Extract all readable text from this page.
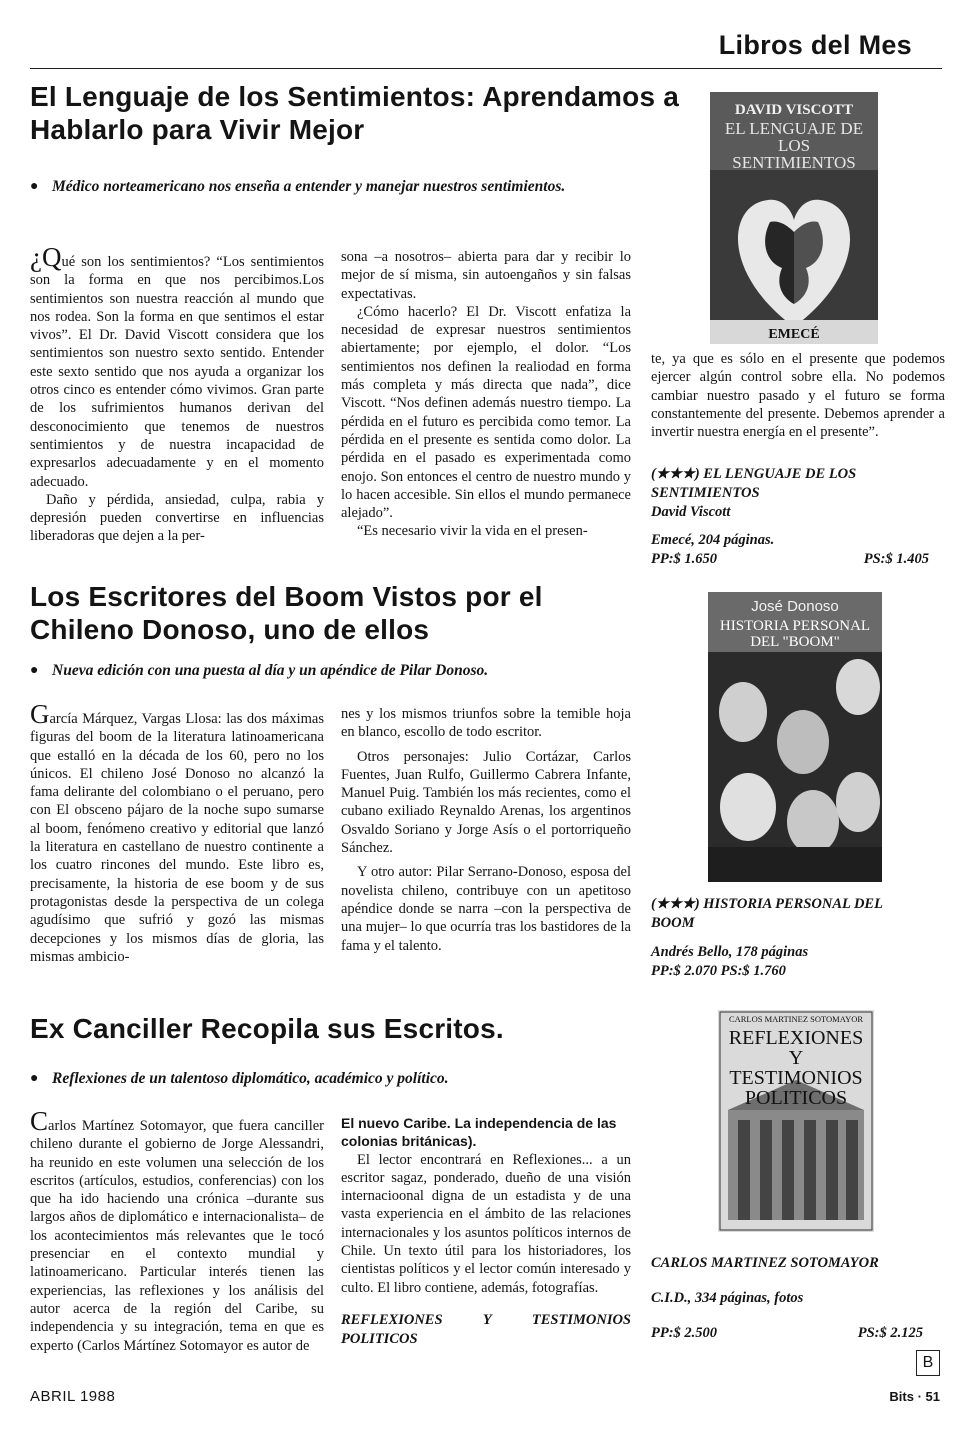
Libros del Mes
El Lenguaje de los Sentimientos: Aprendamos a Hablarlo para Vivir Mejor
● Médico norteamericano nos enseña a entender y manejar nuestros sentimientos.

¿Qué son los sentimientos? “Los sentimientos son la forma en que nos percibimos.Los sentimientos son nuestra reacción al mundo que nos rodea. Son la forma en que sentimos el estar vivos”. El Dr. David Viscott considera que los sentimientos son nuestro sexto sentido. Entender este sexto sentido que nos ayuda a organizar los otros cinco es entender cómo vivimos. Gran parte de los sufrimientos humanos derivan del desconocimiento que tenemos de nuestros sentimientos y de nuestra incapacidad de expresarlos adecuadamente y en el momento adecuado.

Daño y pérdida, ansiedad, culpa, rabia y depresión pueden convertirse en influencias liberadoras que dejen a la per-

sona –a nosotros– abierta para dar y recibir lo mejor de sí misma, sin autoengaños y sin falsas expectativas.

¿Cómo hacerlo? El Dr. Viscott enfatiza la necesidad de expresar nuestros sentimientos abiertamente; por ejemplo, el dolor. “Los sentimientos nos definen la realiodad en forma más completa y más directa que nada”, dice Viscott. “Nos definen además nuestro tiempo. La pérdida en el futuro es percibida como temor. La pérdida en el presente es sentida como dolor. La pérdida en el pasado es experimentada como enojo. Son entonces el centro de nuestro mundo y lo hacen accesible. Sin ellos el mundo permanece alejado”.

“Es necesario vivir la vida en el presen-

DAVID VISCOTT
EMECÉ
EL LENGUAJE DE LOS SENTIMIENTOS

te, ya que es sólo en el presente que podemos ejercer algún control sobre ella. No podemos cambiar nuestro pasado y el futuro se forma constantemente del presente. Debemos aprender a invertir nuestra energía en el presente”.

(★★★) EL LENGUAJE DE LOS SENTIMIENTOS

David Viscott

Emecé, 204 páginas.

PP:$ 1.650	PS:$ 1.405
Los Escritores del Boom Vistos por el Chileno Donoso, uno de ellos
● Nueva edición con una puesta al día y un apéndice de Pilar Donoso.

García Márquez, Vargas Llosa: las dos máximas figuras del boom de la literatura latinoamericana que estalló en la década de los 60, pero no los únicos. El chileno José Donoso no alcanzó la fama delirante del colombiano o el peruano, pero con El obsceno pájaro de la noche supo sumarse al boom, fenómeno creativo y editorial que lanzó la literatura en castellano de nuestro continente a los cuatro rincones del mundo. Este libro es, precisamente, la historia de ese boom y de sus protagonistas desde la perspectiva de un colega agudísimo que sufrió y gozó las mismas decepciones y los mismos días de gloria, las mismas ambicio-

nes y los mismos triunfos sobre la temible hoja en blanco, escollo de todo escritor.

Otros personajes: Julio Cortázar, Carlos Fuentes, Juan Rulfo, Guillermo Cabrera Infante, Manuel Puig. También los más recientes, como el cubano exiliado Reynaldo Arenas, los argentinos Osvaldo Soriano y Jorge Asís o el portorriqueño Sánchez.

Y otro autor: Pilar Serrano-Donoso, esposa del novelista chileno, contribuye con un apetitoso apéndice donde se narra –con la perspectiva de una mujer– lo que ocurría tras los bastidores de la fama y el talento.

José Donoso
HISTORIA PERSONAL DEL "BOOM"

(★★★) HISTORIA PERSONAL DEL BOOM

Andrés Bello, 178 páginas

PP:$ 2.070 PS:$ 1.760

Ex Canciller Recopila sus Escritos.
● Reflexiones de un talentoso diplomático, académico y político.

Carlos Martínez Sotomayor, que fuera canciller chileno durante el gobierno de Jorge Alessandri, ha reunido en este volumen una selección de los escritos (artículos, estudios, conferencias) con los que ha ido haciendo una crónica –durante sus largos años de diplomático e internacionalista– de los acontecimientos más relevantes que le tocó presenciar en el contexto mundial y latinoamericano. Particular interés tienen las experiencias, las reflexiones y los análisis del autor acerca de la región del Caribe, su independencia y su integración, tema en que es experto (Carlos Mártínez Sotomayor es autor de

El nuevo Caribe. La independencia de las colonias británicas).

El lector encontrará en Reflexiones... a un escritor sagaz, ponderado, dueño de una visión internacioonal digna de un estadista y de una vasta experiencia en el ámbito de las relaciones internacionales y los asuntos políticos internos de Chile. Un texto útil para los historiadores, los cientistas políticos y el lector común interesado y culto. El libro contiene, además, fotografías.

REFLEXIONES Y TESTIMONIOS POLITICOS

CARLOS MARTINEZ SOTOMAYOR
REFLEXIONES Y TESTIMONIOS POLITICOS

CARLOS MARTINEZ SOTOMAYOR

C.I.D., 334 páginas, fotos

PP:$ 2.500	PS:$ 2.125
B
ABRIL 1988	Bits · 51
